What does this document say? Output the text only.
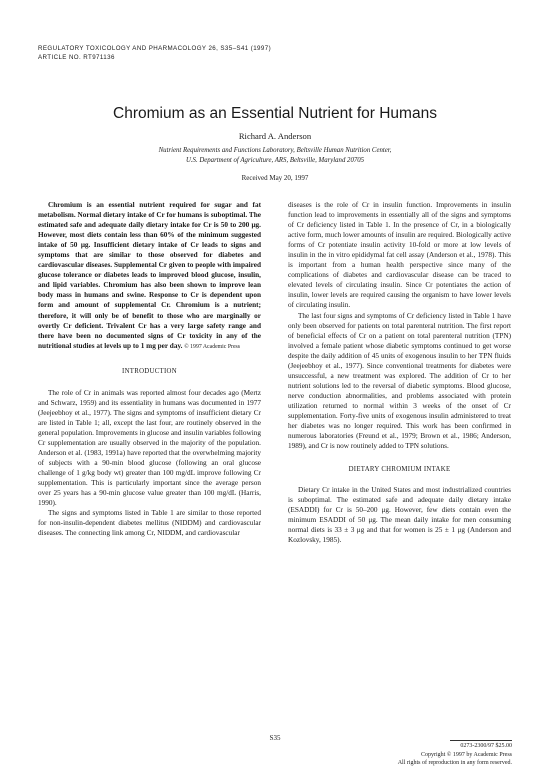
REGULATORY TOXICOLOGY AND PHARMACOLOGY 26, S35–S41 (1997)
ARTICLE NO. RT971136
Chromium as an Essential Nutrient for Humans
Richard A. Anderson
Nutrient Requirements and Functions Laboratory, Beltsville Human Nutrition Center,
U.S. Department of Agriculture, ARS, Beltsville, Maryland 20705
Received May 20, 1997

Chromium is an essential nutrient required for sugar and fat metabolism. Normal dietary intake of Cr for humans is suboptimal. The estimated safe and adequate daily dietary intake for Cr is 50 to 200 μg. However, most diets contain less than 60% of the minimum suggested intake of 50 μg. Insufficient dietary intake of Cr leads to signs and symptoms that are similar to those observed for diabetes and cardiovascular diseases. Supplemental Cr given to people with impaired glucose tolerance or diabetes leads to improved blood glucose, insulin, and lipid variables. Chromium has also been shown to improve lean body mass in humans and swine. Response to Cr is dependent upon form and amount of supplemental Cr. Chromium is a nutrient; therefore, it will only be of benefit to those who are marginally or overtly Cr deficient. Trivalent Cr has a very large safety range and there have been no documented signs of Cr toxicity in any of the nutritional studies at levels up to 1 mg per day. © 1997 Academic Press

INTRODUCTION

The role of Cr in animals was reported almost four decades ago (Mertz and Schwarz, 1959) and its essentiality in humans was documented in 1977 (Jeejeebhoy et al., 1977). The signs and symptoms of insufficient dietary Cr are listed in Table 1; all, except the last four, are routinely observed in the general population. Improvements in glucose and insulin variables following Cr supplementation are usually observed in the majority of the population. Anderson et al. (1983, 1991a) have reported that the overwhelming majority of subjects with a 90-min blood glucose (following an oral glucose challenge of 1 g/kg body wt) greater than 100 mg/dL improve following Cr supplementation. This is particularly important since the average person over 25 years has a 90-min glucose value greater than 100 mg/dL (Harris, 1990).

The signs and symptoms listed in Table 1 are similar to those reported for non-insulin-dependent diabetes mellitus (NIDDM) and cardiovascular diseases. The connecting link among Cr, NIDDM, and cardiovascular

diseases is the role of Cr in insulin function. Improvements in insulin function lead to improvements in essentially all of the signs and symptoms of Cr deficiency listed in Table 1. In the presence of Cr, in a biologically active form, much lower amounts of insulin are required. Biologically active forms of Cr potentiate insulin activity 10-fold or more at low levels of insulin in the in vitro epididymal fat cell assay (Anderson et al., 1978). This is important from a human health perspective since many of the complications of diabetes and cardiovascular disease can be traced to elevated levels of circulating insulin. Since Cr potentiates the action of insulin, lower levels are required causing the organism to have lower levels of circulating insulin.

The last four signs and symptoms of Cr deficiency listed in Table 1 have only been observed for patients on total parenteral nutrition. The first report of beneficial effects of Cr on a patient on total parenteral nutrition (TPN) involved a female patient whose diabetic symptoms continued to get worse despite the daily addition of 45 units of exogenous insulin to her TPN fluids (Jeejeebhoy et al., 1977). Since conventional treatments for diabetes were unsuccessful, a new treatment was explored. The addition of Cr to her nutrient solutions led to the reversal of diabetic symptoms. Blood glucose, nerve conduction abnormalities, and problems associated with protein utilization returned to normal within 3 weeks of the onset of Cr supplementation. Forty-five units of exogenous insulin administered to treat her diabetes was no longer required. This work has been confirmed in numerous laboratories (Freund et al., 1979; Brown et al., 1986; Anderson, 1989), and Cr is now routinely added to TPN solutions.

DIETARY CHROMIUM INTAKE

Dietary Cr intake in the United States and most industrialized countries is suboptimal. The estimated safe and adequate daily dietary intake (ESADDI) for Cr is 50–200 μg. However, few diets contain even the minimum ESADDI of 50 μg. The mean daily intake for men consuming normal diets is 33 ± 3 μg and that for women is 25 ± 1 μg (Anderson and Kozlovsky, 1985).

S35
0273-2300/97 $25.00
Copyright © 1997 by Academic Press
All rights of reproduction in any form reserved.
